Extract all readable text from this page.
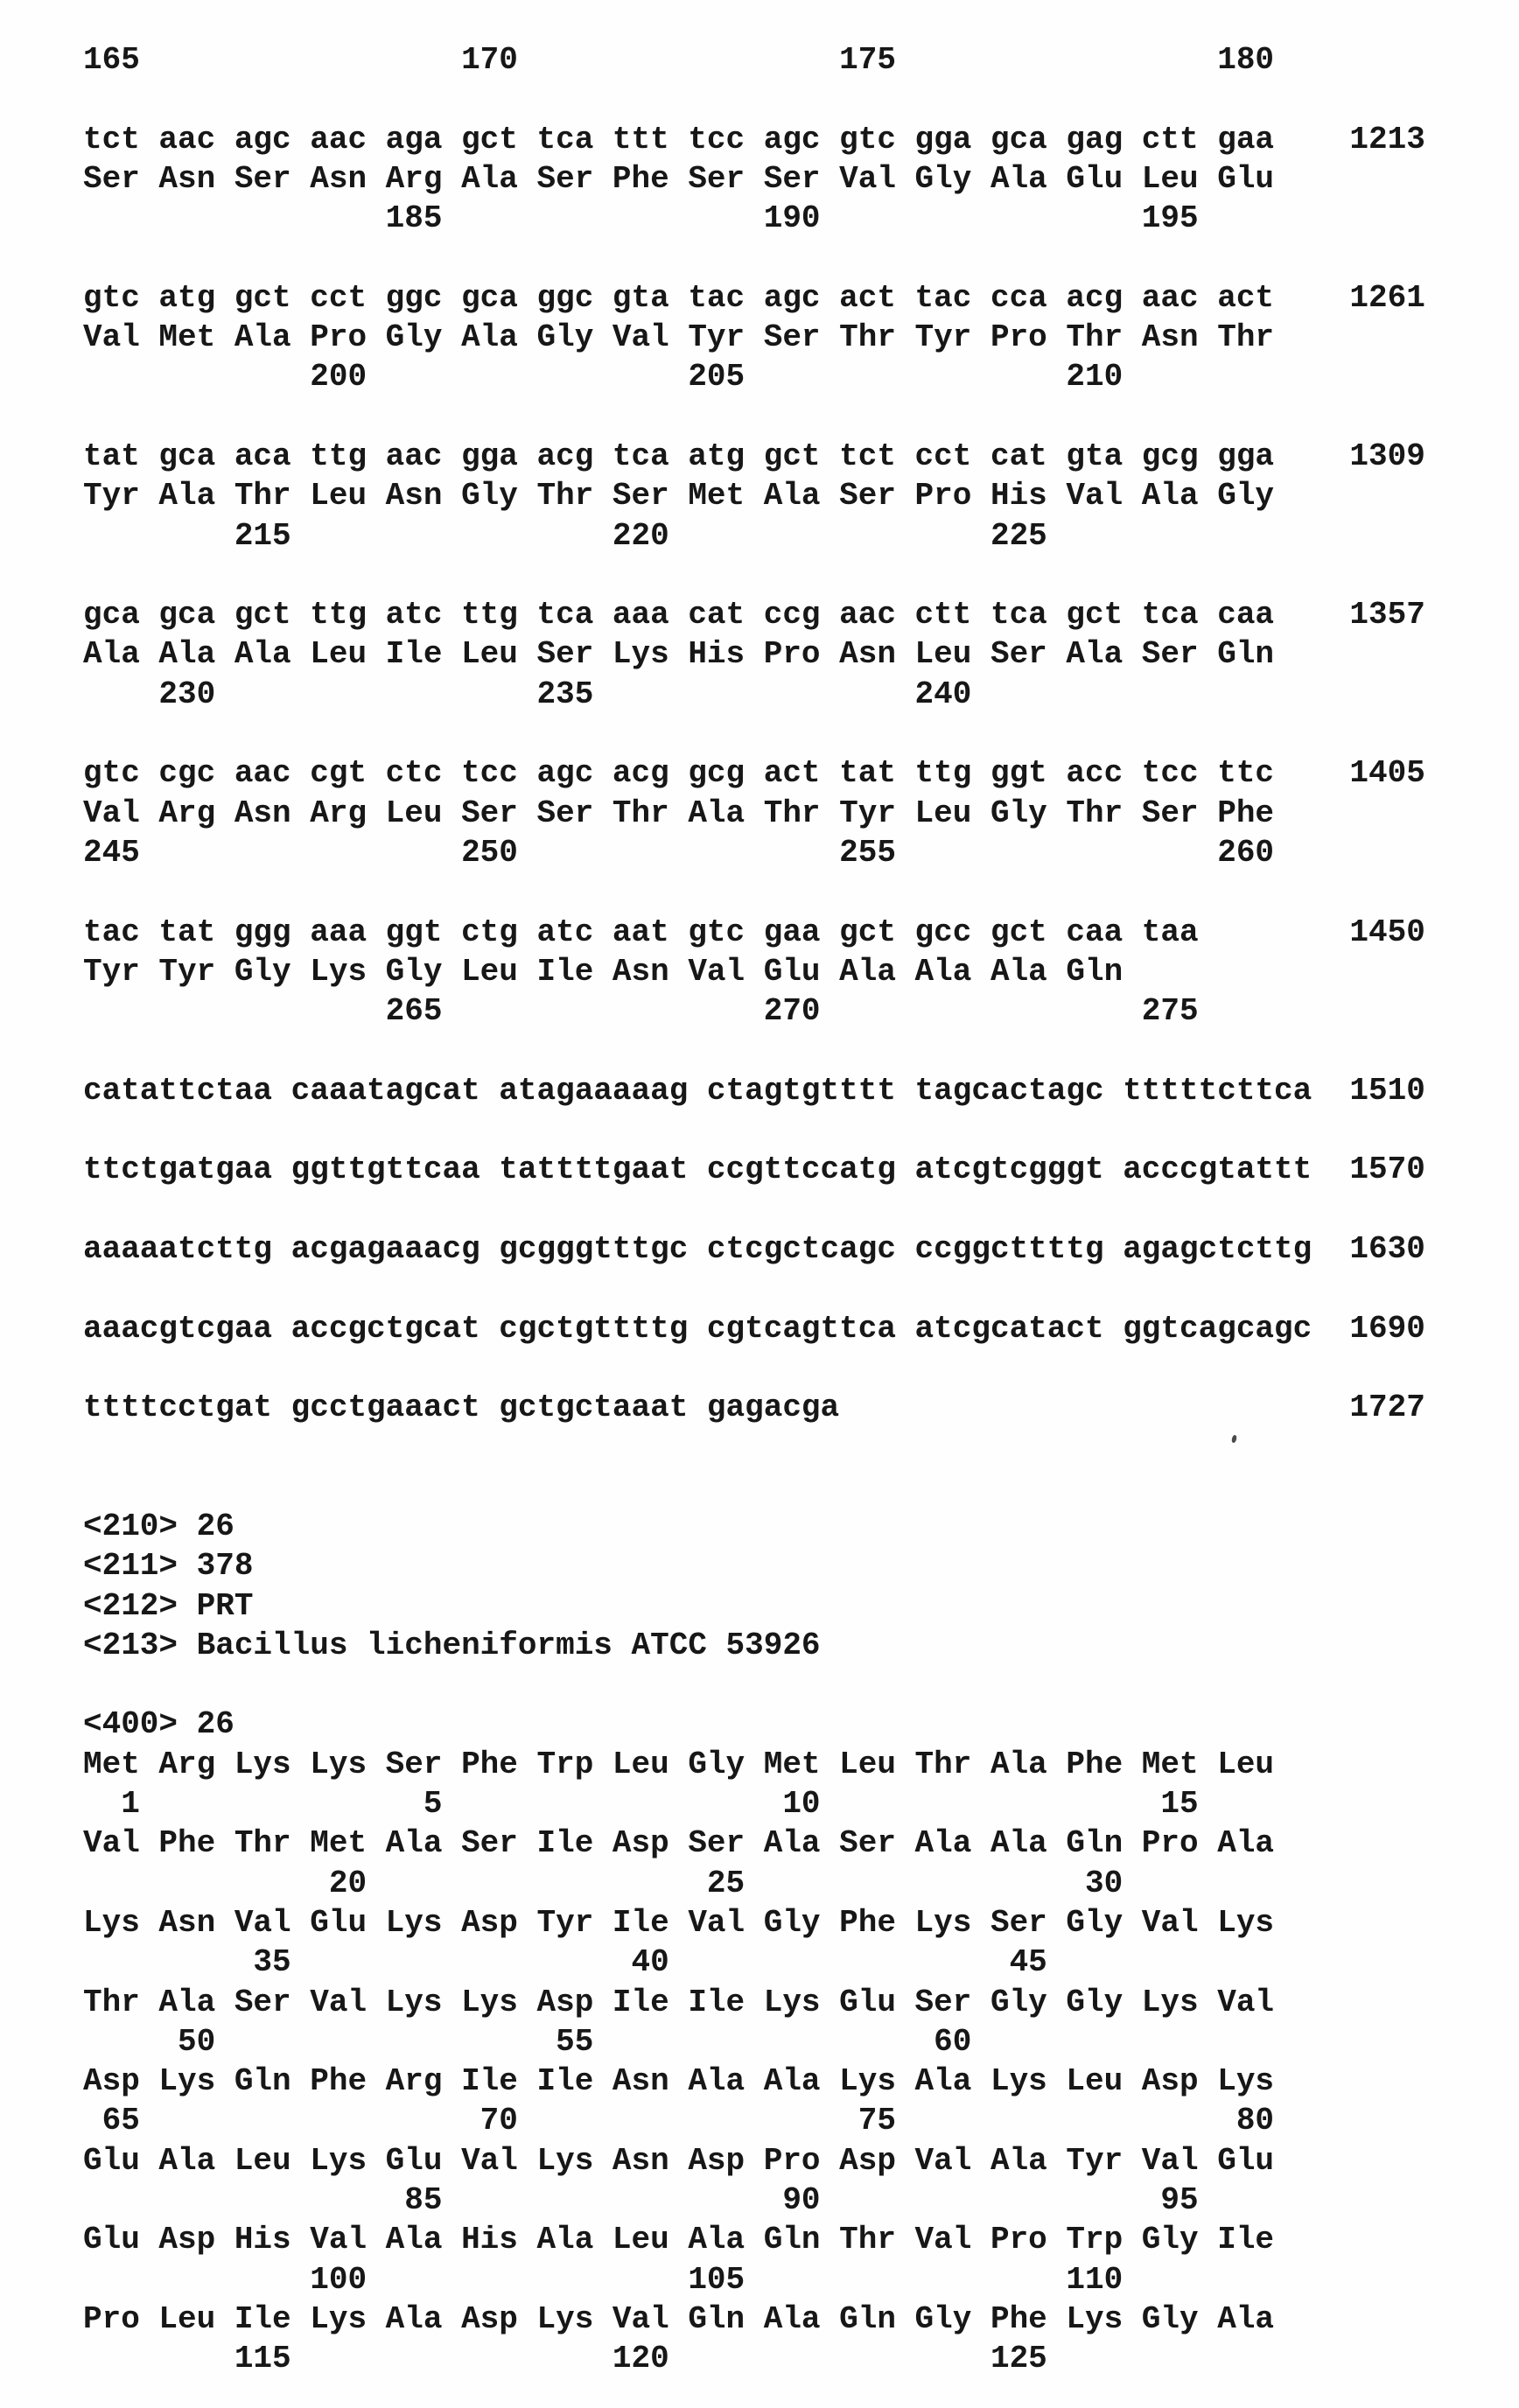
165                 170                 175                 180
tct aac agc aac aga gct tca ttt tcc agc gtc gga gca gag ctt gaa    1213
Ser Asn Ser Asn Arg Ala Ser Phe Ser Ser Val Gly Ala Glu Leu Glu
185                 190                 195
gtc atg gct cct ggc gca ggc gta tac agc act tac cca acg aac act    1261
Val Met Ala Pro Gly Ala Gly Val Tyr Ser Thr Tyr Pro Thr Asn Thr
200                 205                 210
tat gca aca ttg aac gga acg tca atg gct tct cct cat gta gcg gga    1309
Tyr Ala Thr Leu Asn Gly Thr Ser Met Ala Ser Pro His Val Ala Gly
215                 220                 225
gca gca gct ttg atc ttg tca aaa cat ccg aac ctt tca gct tca caa    1357
Ala Ala Ala Leu Ile Leu Ser Lys His Pro Asn Leu Ser Ala Ser Gln
230                 235                 240
gtc cgc aac cgt ctc tcc agc acg gcg act tat ttg ggt acc tcc ttc    1405
Val Arg Asn Arg Leu Ser Ser Thr Ala Thr Tyr Leu Gly Thr Ser Phe
245                 250                 255                 260
tac tat ggg aaa ggt ctg atc aat gtc gaa gct gcc gct caa taa        1450
Tyr Tyr Gly Lys Gly Leu Ile Asn Val Glu Ala Ala Ala Gln
265                 270                 275
catattctaa caaatagcat atagaaaaag ctagtgtttt tagcactagc tttttcttca  1510
ttctgatgaa ggttgttcaa tattttgaat ccgttccatg atcgtcgggt acccgtattt  1570
aaaaatcttg acgagaaacg gcgggtttgc ctcgctcagc ccggcttttg agagctcttg  1630
aaacgtcgaa accgctgcat cgctgttttg cgtcagttca atcgcatact ggtcagcagc  1690
ttttcctgat gcctgaaact gctgctaaat gagacga                           1727
<210> 26
<211> 378
<212> PRT
<213> Bacillus licheniformis ATCC 53926
<400> 26
Met Arg Lys Lys Ser Phe Trp Leu Gly Met Leu Thr Ala Phe Met Leu
1               5                  10                  15
Val Phe Thr Met Ala Ser Ile Asp Ser Ala Ser Ala Ala Gln Pro Ala
20                  25                  30
Lys Asn Val Glu Lys Asp Tyr Ile Val Gly Phe Lys Ser Gly Val Lys
35                  40                  45
Thr Ala Ser Val Lys Lys Asp Ile Ile Lys Glu Ser Gly Gly Lys Val
50                  55                  60
Asp Lys Gln Phe Arg Ile Ile Asn Ala Ala Lys Ala Lys Leu Asp Lys
65                  70                  75                  80
Glu Ala Leu Lys Glu Val Lys Asn Asp Pro Asp Val Ala Tyr Val Glu
85                  90                  95
Glu Asp His Val Ala His Ala Leu Ala Gln Thr Val Pro Trp Gly Ile
100                 105                 110
Pro Leu Ile Lys Ala Asp Lys Val Gln Ala Gln Gly Phe Lys Gly Ala
115                 120                 125
